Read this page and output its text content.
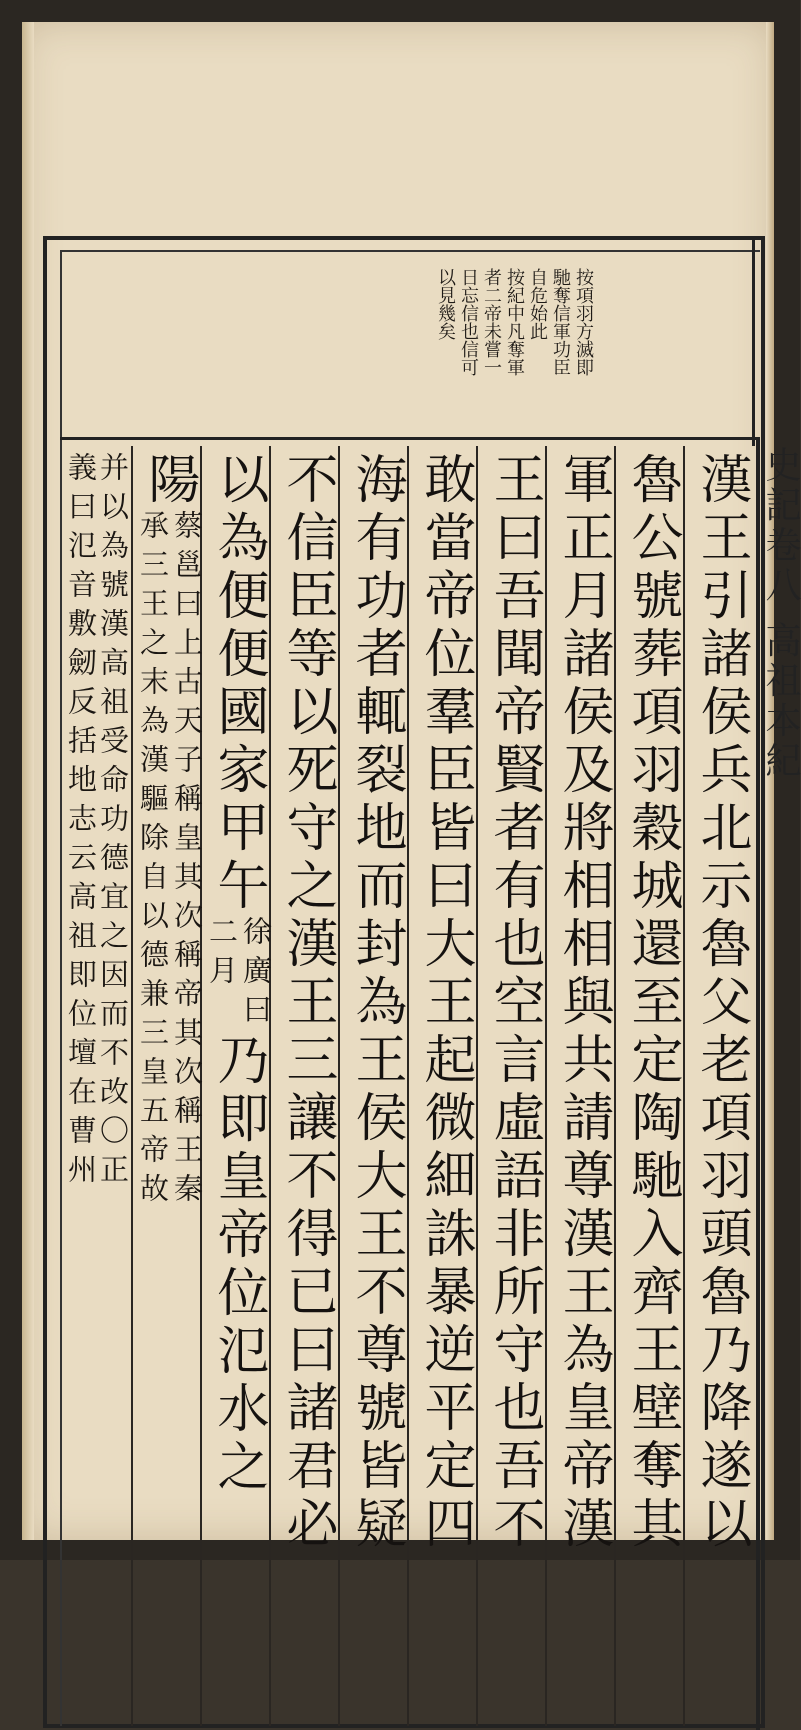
按項羽方滅即
馳奪信軍功臣
自危始此
按紀中凡奪軍
者二帝未嘗一
日忘信也信可
以見幾矣
史記卷八 高祖本紀
漢王引諸侯兵北示魯父老項羽頭魯乃降遂以
魯公號葬項羽穀城還至定陶馳入齊王壁奪其
軍正月諸侯及將相相與共請尊漢王為皇帝漢
王曰吾聞帝賢者有也空言虛語非所守也吾不
敢當帝位羣臣皆曰大王起微細誅暴逆平定四
海有功者輒裂地而封為王侯大王不尊號皆疑
不信臣等以死守之漢王三讓不得已曰諸君必
以為便便國家甲午
徐廣曰
二月
乃即皇帝位氾水之
陽
蔡邕曰上古天子稱皇其次稱帝其次稱王秦
承三王之末為漢驅除自以德兼三皇五帝故
并以為號漢高祖受命功德宜之因而不改〇正
義曰氾音敷劒反括地志云高祖即位壇在曹州
